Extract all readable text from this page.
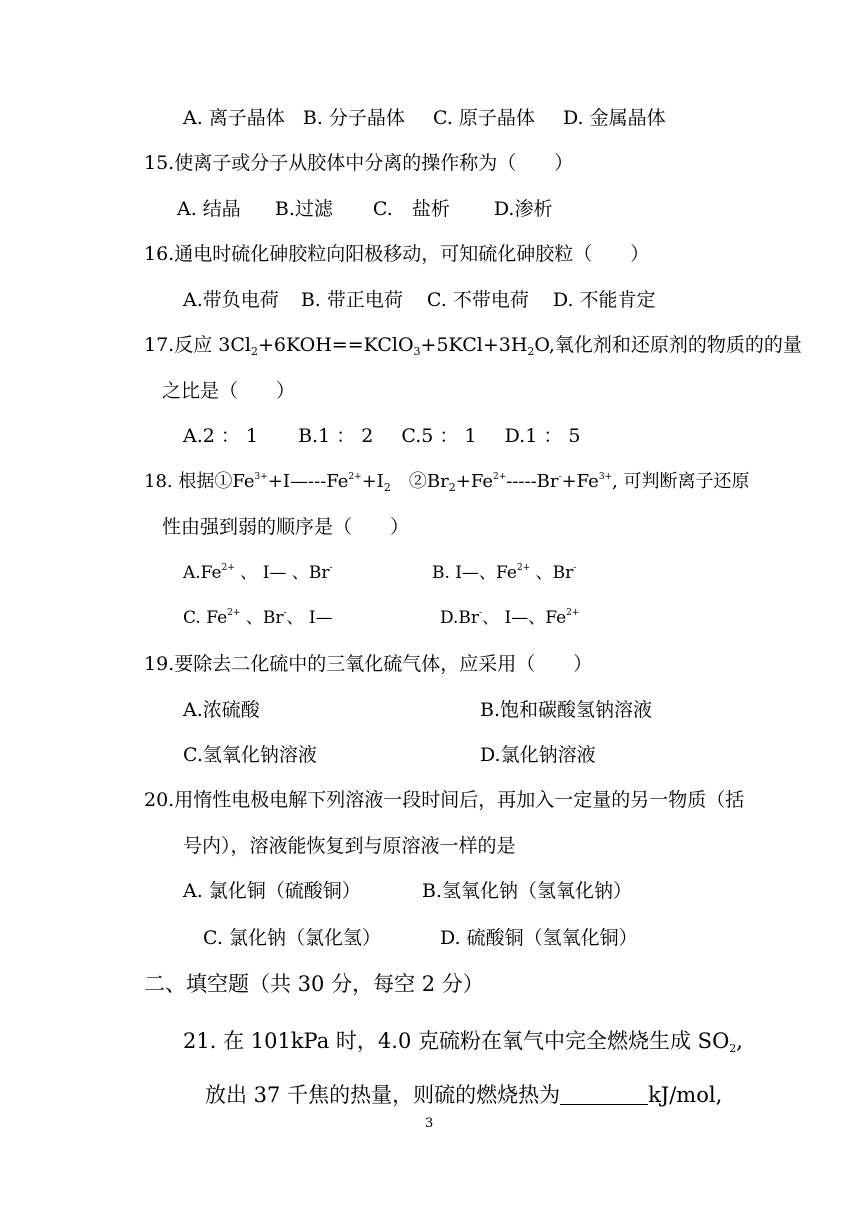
A. 离子晶体 B. 分子晶体 C. 原子晶体 D. 金属晶体
15.使离子或分子从胶体中分离的操作称为（　　）
A. 结晶 B.过滤 C.　盐析 D.渗析
16.通电时硫化砷胶粒向阳极移动，可知硫化砷胶粒（　　）
A.带负电荷 B. 带正电荷 C. 不带电荷 D. 不能肯定
17.反应 $3Cl_2+6KOH==KClO_3+5KCl+3H_2O$,氧化剂和还原剂的物质的的量
之比是（　　）
A.2 ： 1 B.1 ： 2 C.5 ： 1 D.1 ： 5
18. 根据$①Fe^{3+}+I—---Fe^{2+}+I_2$　$②Br_2+Fe^{2+}-----Br^-+Fe^{3+}$, 可判断离子还原
性由强到弱的顺序是（　　）
$A.Fe^{2+}$ 、 I— 、Br-	B. I—、$Fe^{2+}$ 、Br-
C. $Fe^{2+}$ 、Br-、 I—	D.Br-、 I—、$Fe^{2+}$
19.要除去二化硫中的三氧化硫气体，应采用（　　）
A.浓硫酸	B.饱和碳酸氢钠溶液
C.氢氧化钠溶液	D.氯化钠溶液
20.用惰性电极电解下列溶液一段时间后，再加入一定量的另一物质（括
号内），溶液能恢复到与原溶液一样的是
A. 氯化铜（硫酸铜）	B.氢氧化钠（氢氧化钠）
C. 氯化钠（氯化氢）	D. 硫酸铜（氢氧化铜）
二、填空题（共 30 分，每空 2 分）
21. 在 101kPa 时，4.0 克硫粉在氧气中完全燃烧生成 $SO_2$,
放出 37 千焦的热量，则硫的燃烧热为	kJ/mol,
3
